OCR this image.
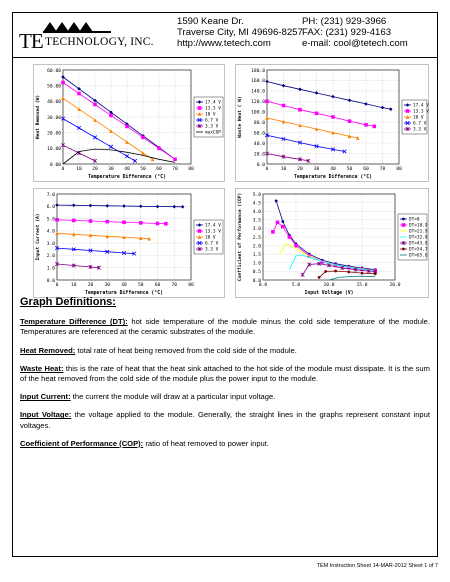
TE TECHNOLOGY, INC.
1590 Keane Dr.
Traverse City, MI 49696-8257
http://www.tetech.com
PH: (231) 929-3966
FAX: (231) 929-4163
e-mail: cool@tetech.com
0.00
10.00
20.00
30.00
40.00
50.00
60.00
0	10 20 30 40 50 60 70 80
Temperature Difference (°C)
Heat Removed (W)	17.4 V
13.3 V
10 V
6.7 V
3.3 V
maxCOP
0.0
20.0
40.0
60.0
80.0
100.0
120.0
140.0
160.0
180.0
0	10 20 30 40 50 60 70 80
Temperature Difference (°C)
Waste Heat ( W)	17.4 V
13.3 V
10 V
6.7 V
3.3 V
0.0
1.0
2.0
3.0
4.0
5.0
6.0
7.0
0	10 20 30 40 50 60 70 80
Temperature Difference (°C)
Input Current (A)	17.4 V
13.3 V
10 V
6.7 V
3.3 V
0.0
0.5
1.0
1.5
2.0
2.5
3.0
3.5
4.0
4.5
5.0
0.0	5.0	10.0	15.0	20.0
Input Voltage (V)
Coefficient of Performance (COP)	DT=0
DT=10.9
DT=21.9
DT=32.8
DT=43.8
DT=54.7
DT=65.6
Graph Definitions:

Temperature Difference (DT): hot side temperature of the module minus the cold side temperature of the module. Temperatures are referenced at the ceramic substrates of the module.

Heat Removed: total rate of heat being removed from the cold side of the module.

Waste Heat: this is the rate of heat that the heat sink attached to the hot side of the module must dissipate. It is the sum of the heat removed from the cold side of the module plus the power input to the module.

Input Current: the current the module will draw at a particular input voltage.

Input Voltage: the voltage applied to the module. Generally, the straight lines in the graphs represent constant input voltages.

Coefficient of Performance (COP): ratio of heat removed to power input.

TEM Instruction Sheet 14-MAR-2012 Sheet 1 of 7
